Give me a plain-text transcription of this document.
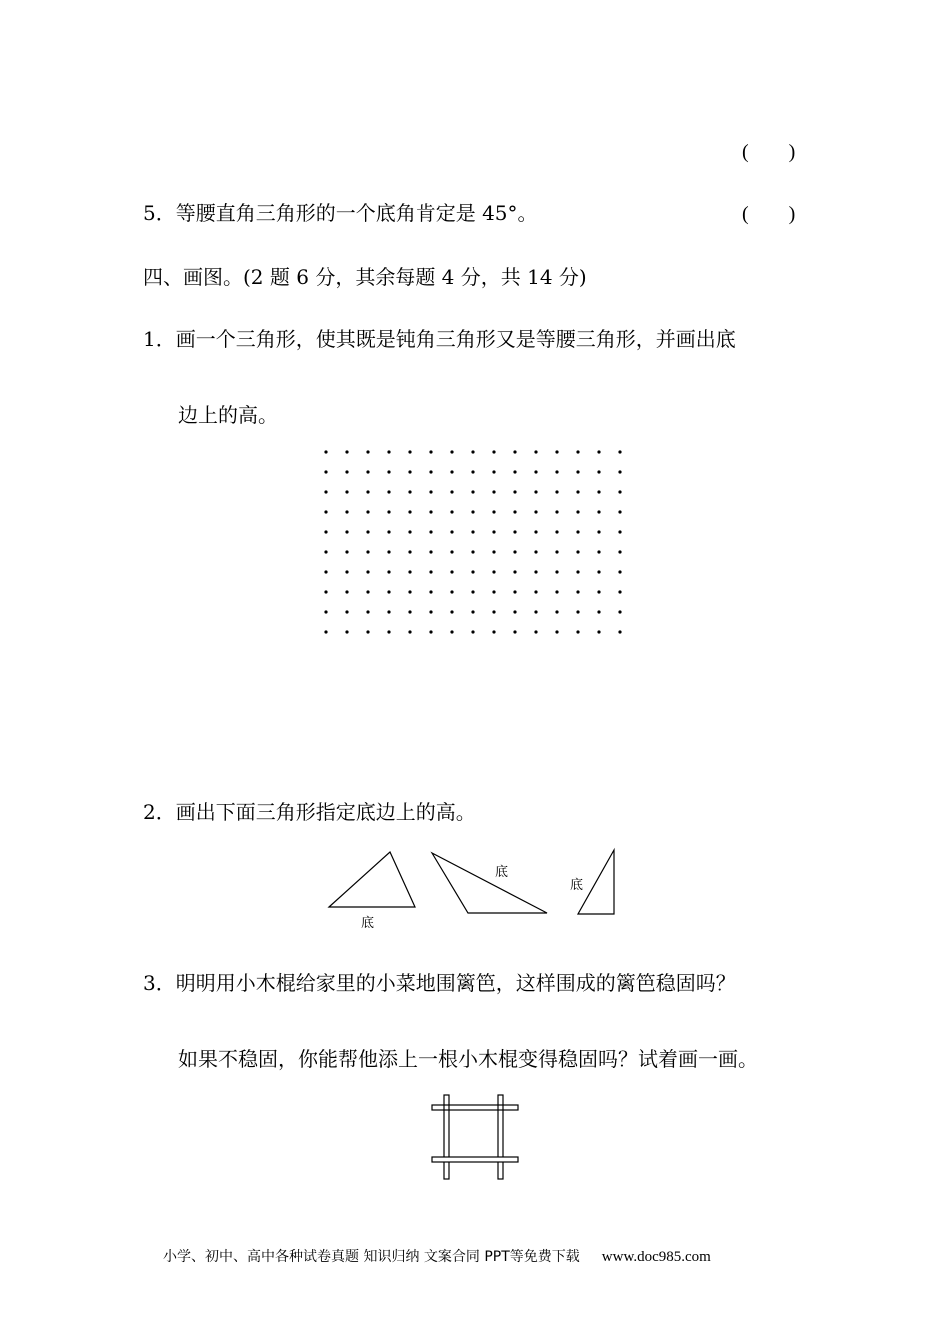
(　　)
5．等腰直角三角形的一个底角肯定是 45°。	(　　)
四、画图。(2 题 6 分，其余每题 4 分，共 14 分)
1．画一个三角形，使其既是钝角三角形又是等腰三角形，并画出底
边上的高。
2．画出下面三角形指定底边上的高。
底
底
底
3．明明用小木棍给家里的小菜地围篱笆，这样围成的篱笆稳固吗？
如果不稳固，你能帮他添上一根小木棍变得稳固吗？试着画一画。
小学、初中、高中各种试卷真题 知识归纳 文案合同 PPT等免费下载 www.doc985.com
